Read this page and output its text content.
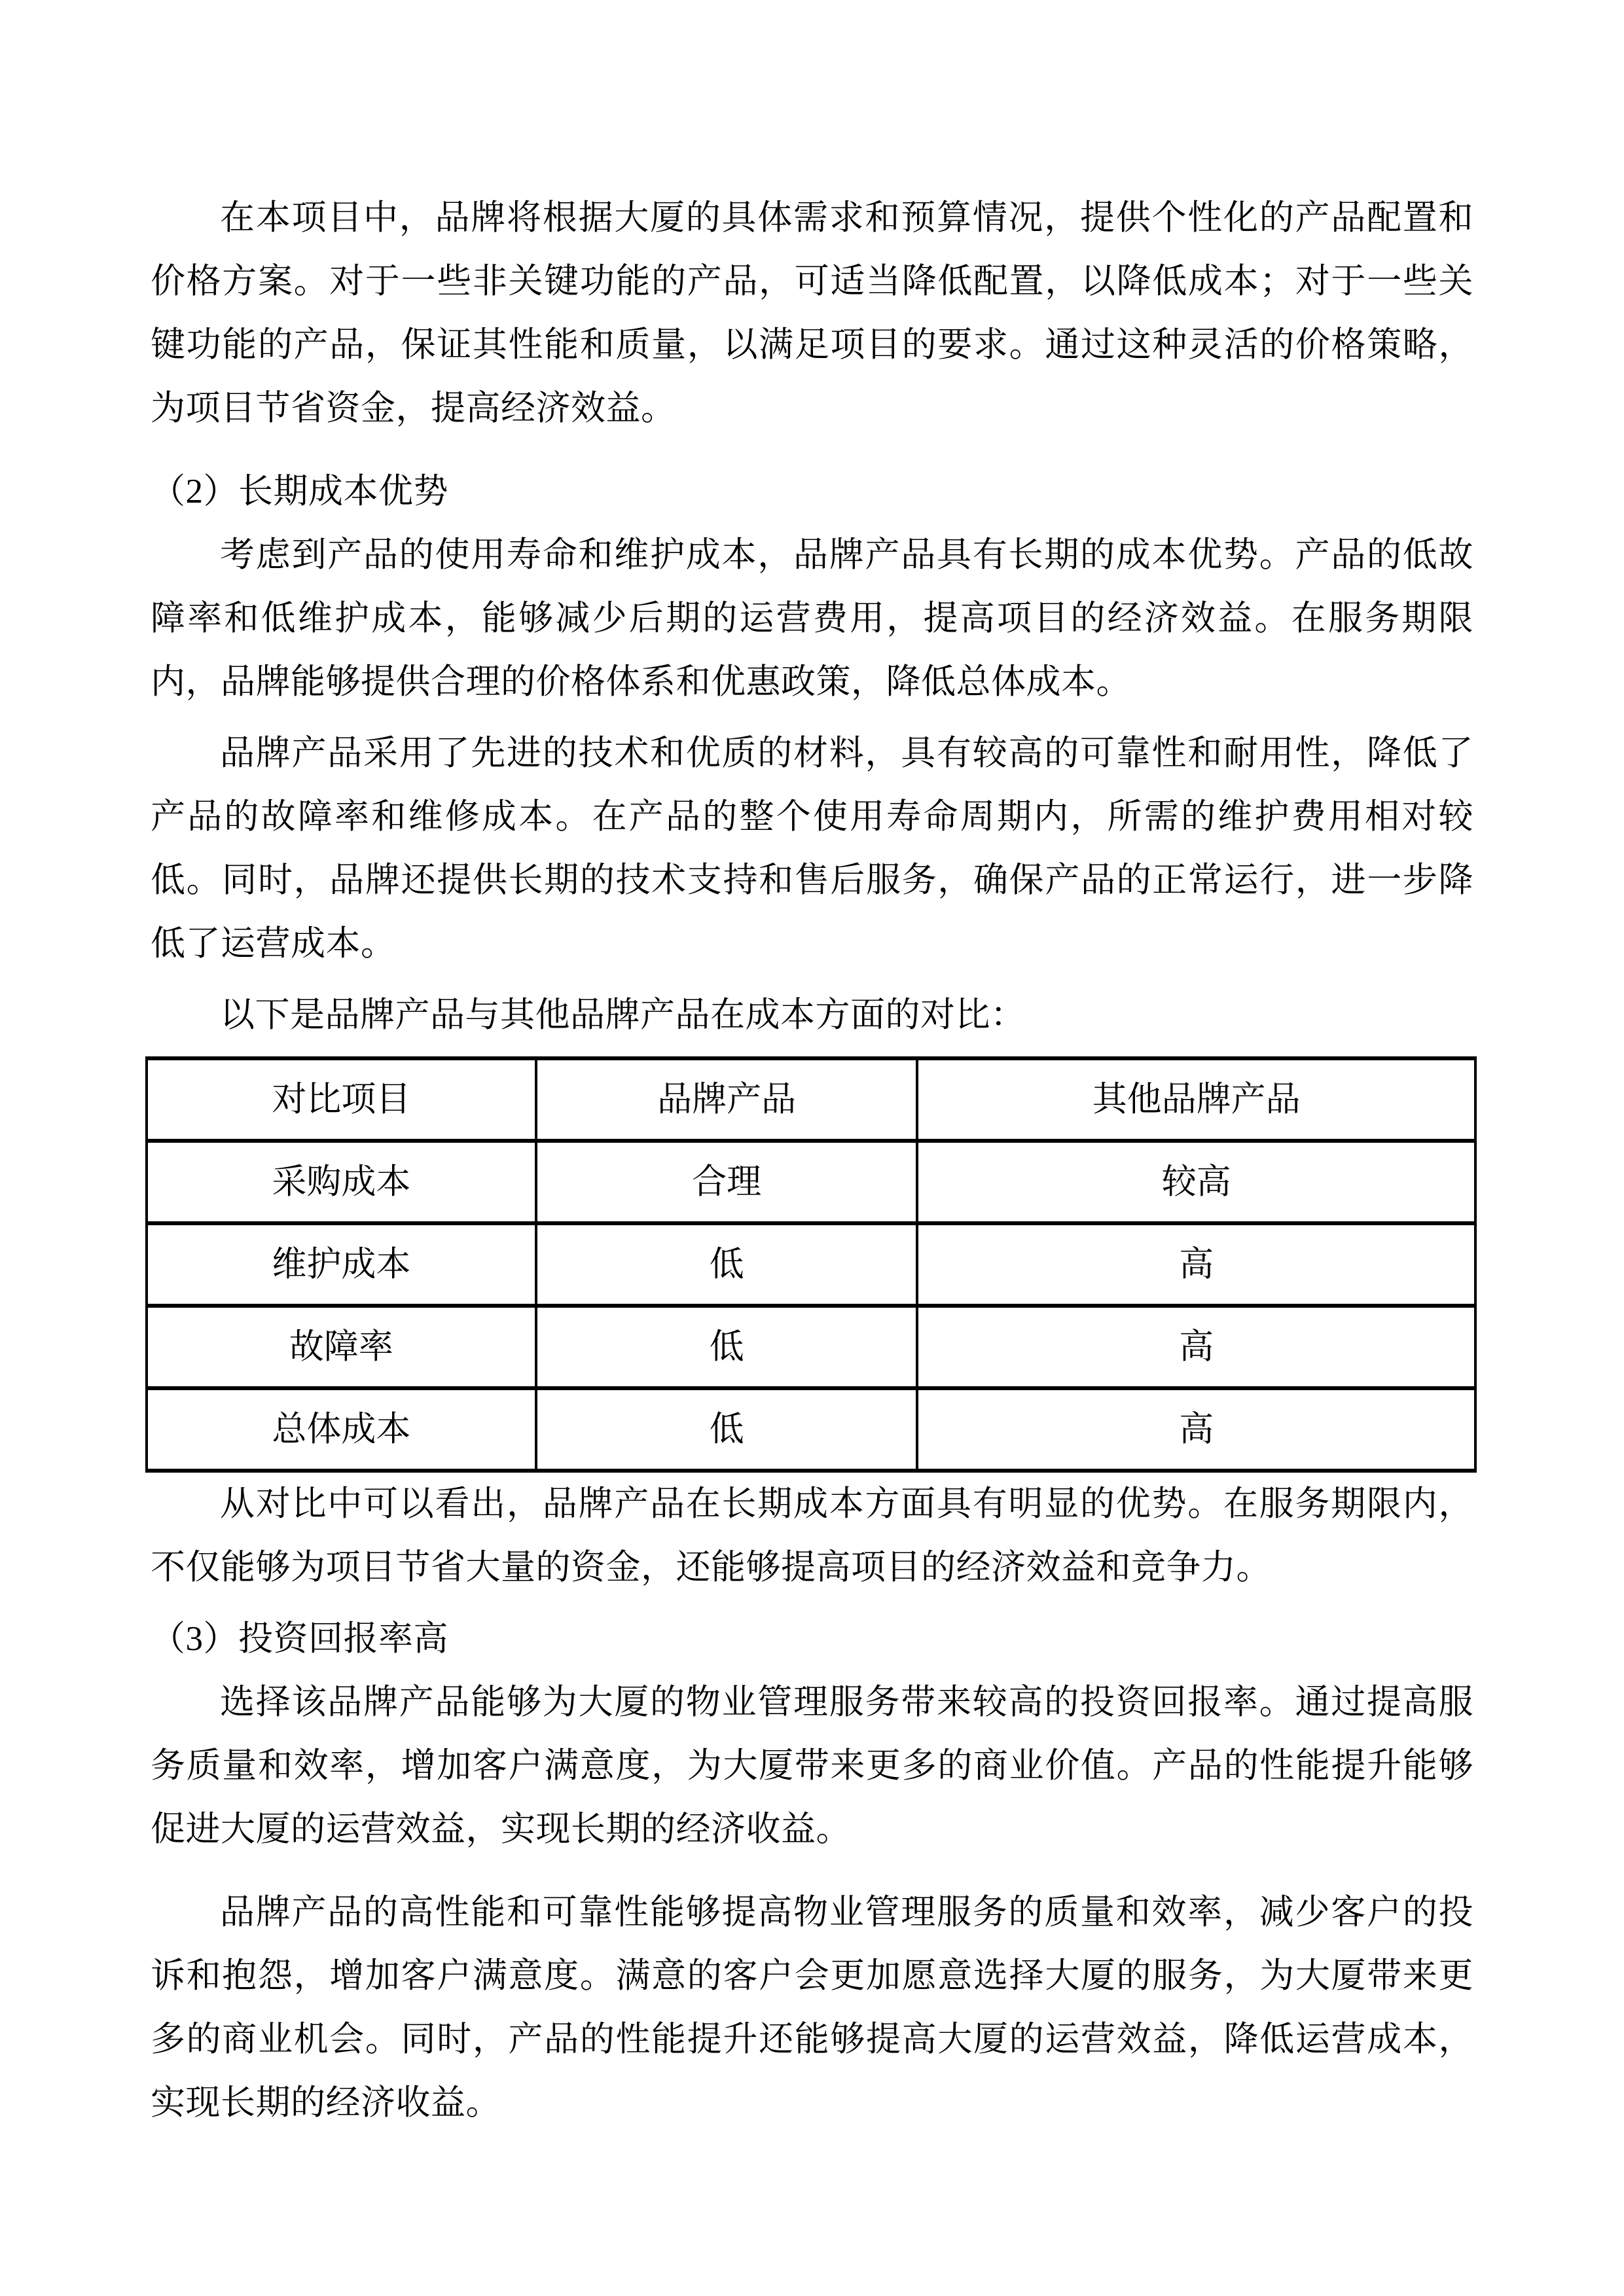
在本项目中，品牌将根据大厦的具体需求和预算情况，提供个性化的产品配置和价格方案。对于一些非关键功能的产品，可适当降低配置，以降低成本；对于一些关键功能的产品，保证其性能和质量，以满足项目的要求。通过这种灵活的价格策略，为项目节省资金，提高经济效益。

（2）长期成本优势

考虑到产品的使用寿命和维护成本，品牌产品具有长期的成本优势。产品的低故障率和低维护成本，能够减少后期的运营费用，提高项目的经济效益。在服务期限内，品牌能够提供合理的价格体系和优惠政策，降低总体成本。

品牌产品采用了先进的技术和优质的材料，具有较高的可靠性和耐用性，降低了产品的故障率和维修成本。在产品的整个使用寿命周期内，所需的维护费用相对较低。同时，品牌还提供长期的技术支持和售后服务，确保产品的正常运行，进一步降低了运营成本。

以下是品牌产品与其他品牌产品在成本方面的对比：

对比项目	品牌产品	其他品牌产品
采购成本	合理	较高
维护成本	低	高
故障率	低	高
总体成本	低	高

从对比中可以看出，品牌产品在长期成本方面具有明显的优势。在服务期限内，不仅能够为项目节省大量的资金，还能够提高项目的经济效益和竞争力。

（3）投资回报率高

选择该品牌产品能够为大厦的物业管理服务带来较高的投资回报率。通过提高服务质量和效率，增加客户满意度，为大厦带来更多的商业价值。产品的性能提升能够促进大厦的运营效益，实现长期的经济收益。

品牌产品的高性能和可靠性能够提高物业管理服务的质量和效率，减少客户的投诉和抱怨，增加客户满意度。满意的客户会更加愿意选择大厦的服务，为大厦带来更多的商业机会。同时，产品的性能提升还能够提高大厦的运营效益，降低运营成本，实现长期的经济收益。
